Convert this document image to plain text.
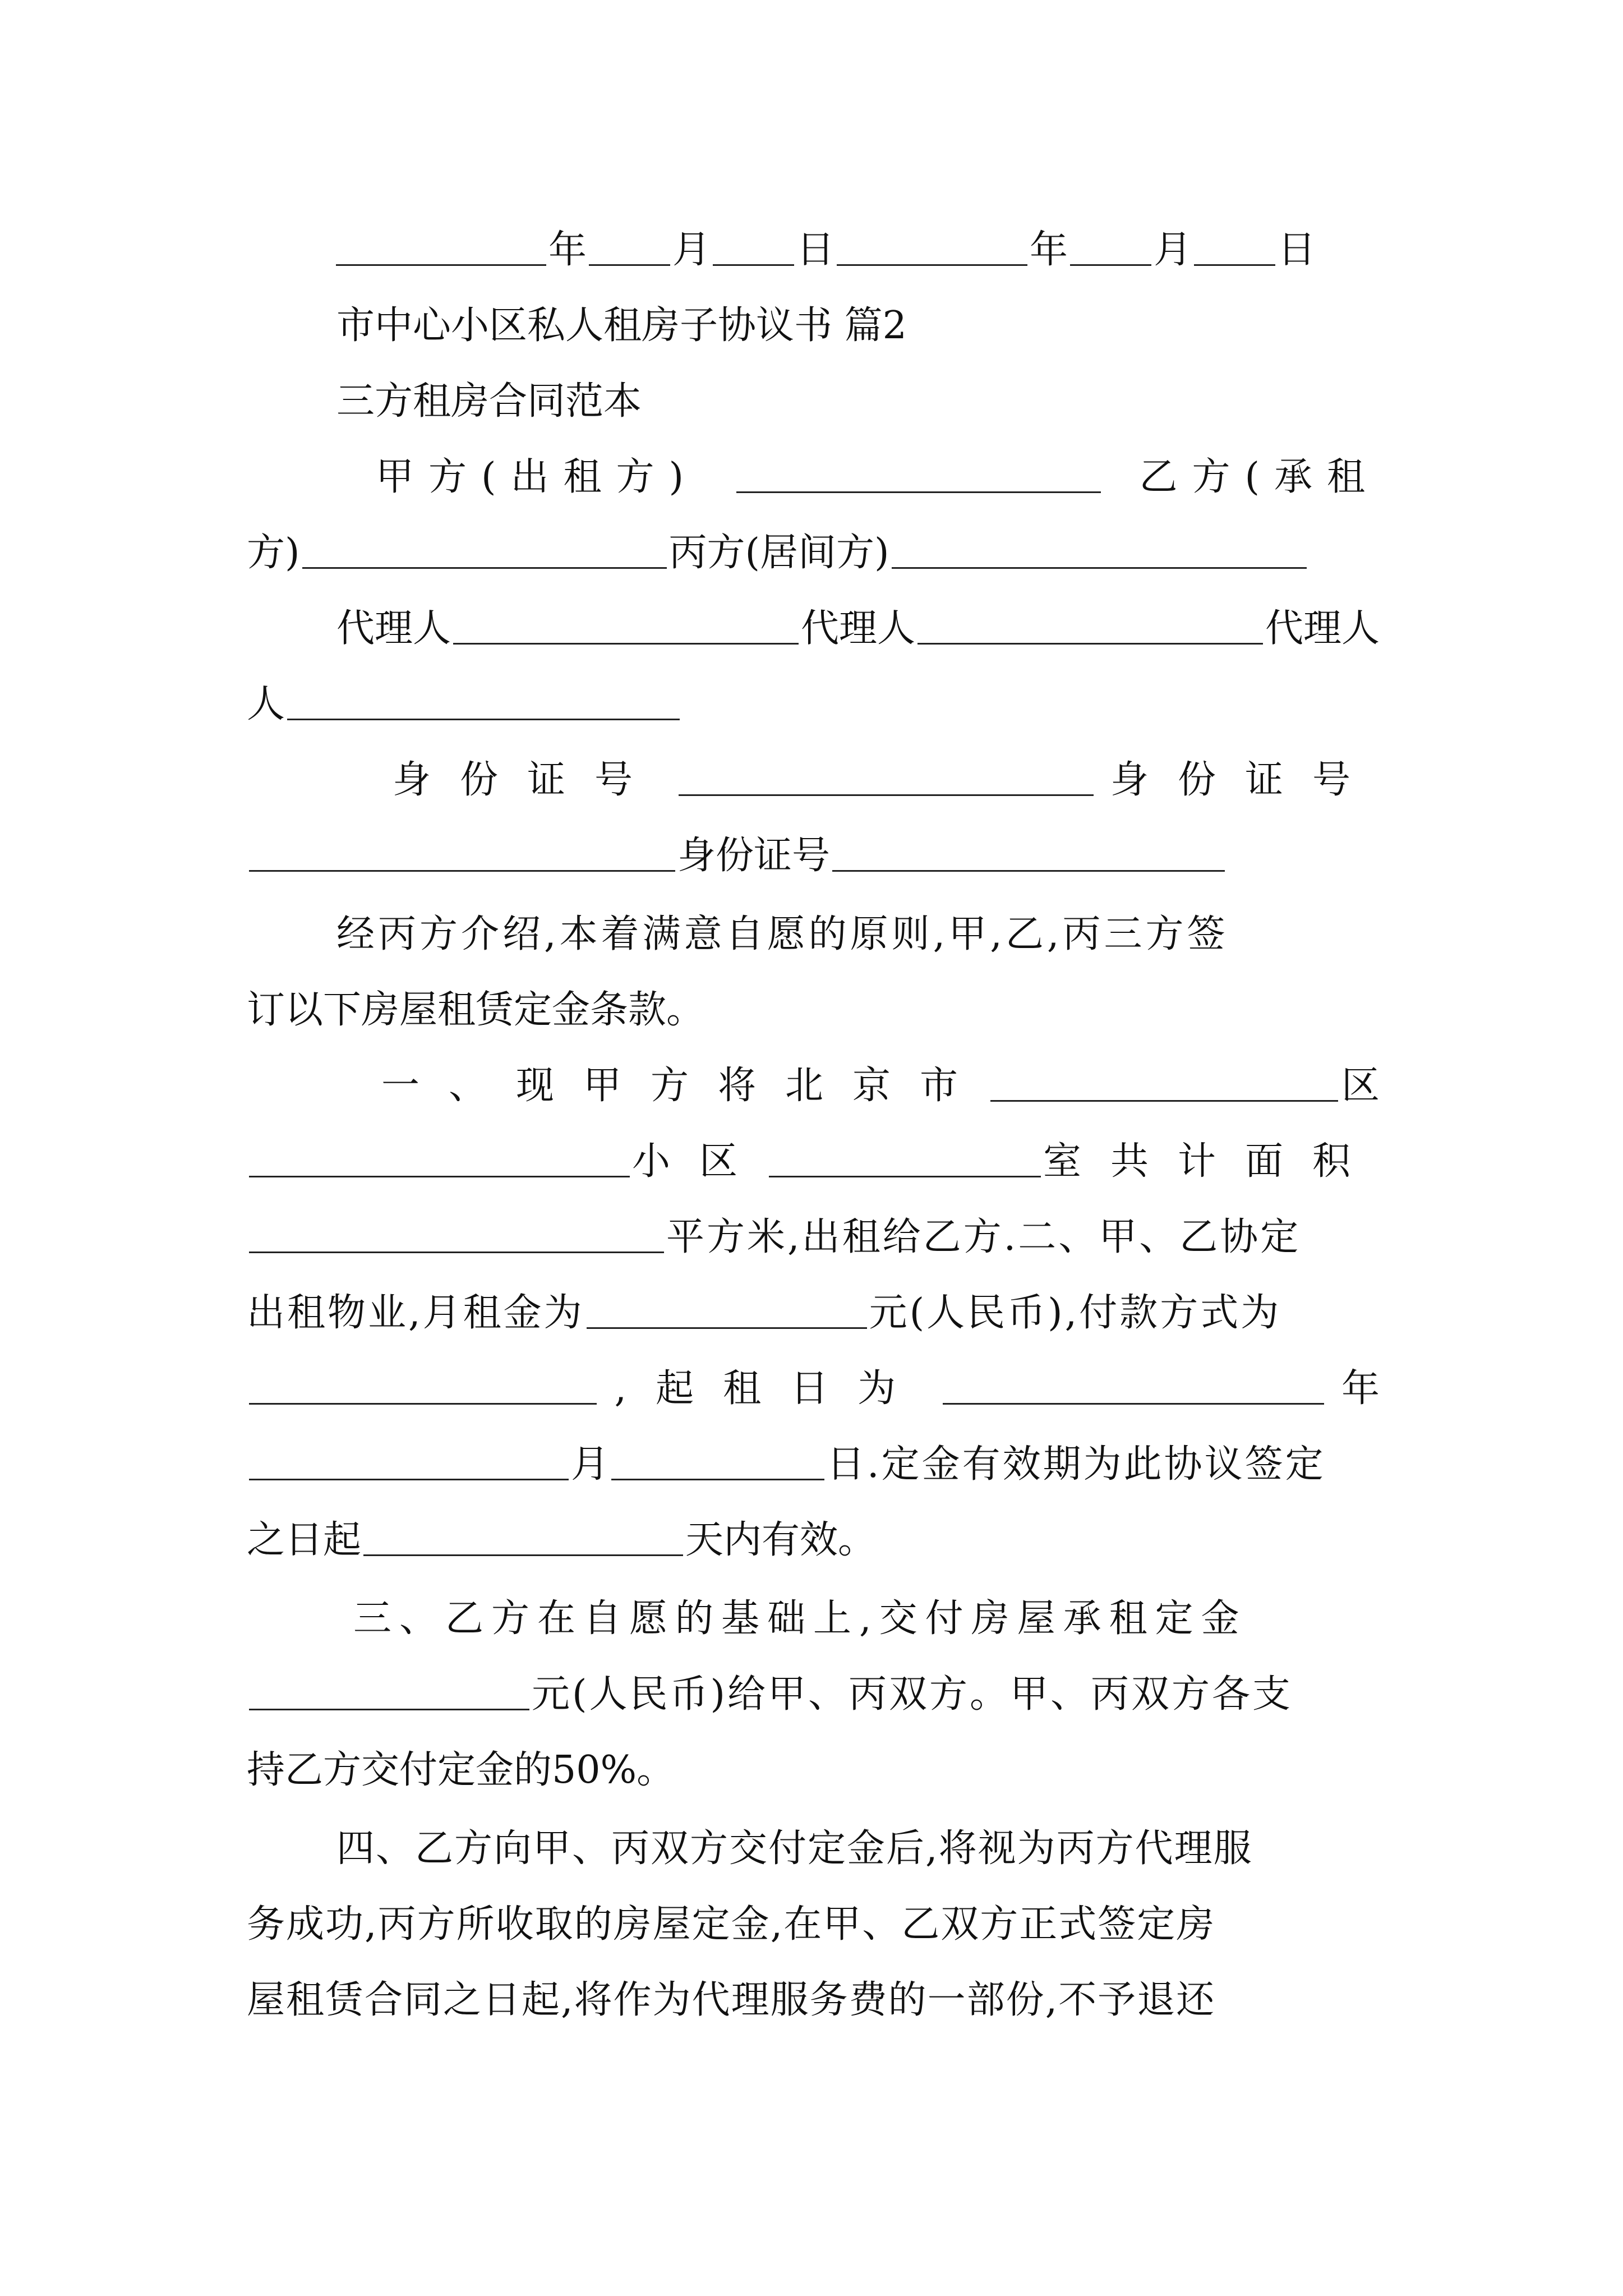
年 月 日	年 月 日
市中心小区私人租房子协议书 篇2
三方租房合同范本
甲方(出租方)	乙方(承租
方)	丙方(居间方)
代理人	代理人	代理人
人
身份证号	身份证号
身份证号
经丙方介绍,本着满意自愿的原则,甲,乙,丙三方签
订以下房屋租赁定金条款。
一、现甲方将北京市	区
小区	室共计面积
平方米,出租给乙方.二、甲、乙协定
出租物业,月租金为	元(人民币),付款方式为
,起租日为	年
月	日.定金有效期为此协议签定
之日起	天内有效。
三、乙方在自愿的基础上,交付房屋承租定金
元(人民币)给甲、丙双方。甲、丙双方各支
持乙方交付定金的50%。
四、乙方向甲、丙双方交付定金后,将视为丙方代理服
务成功,丙方所收取的房屋定金,在甲、乙双方正式签定房
屋租赁合同之日起,将作为代理服务费的一部份,不予退还
